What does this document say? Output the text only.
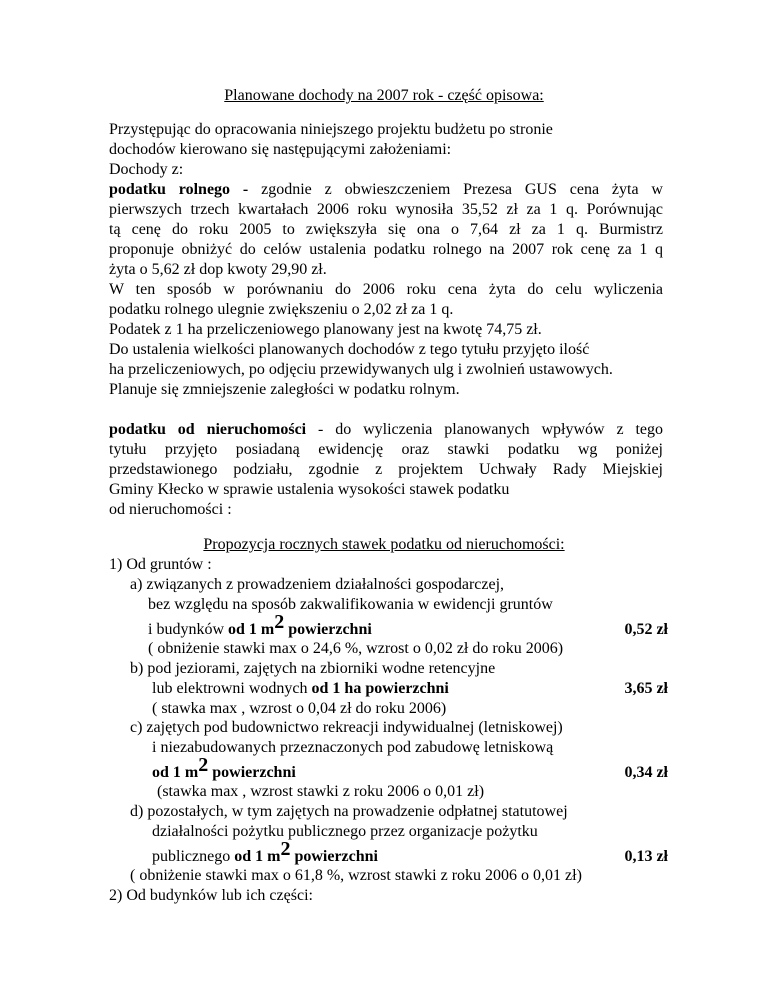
Planowane dochody na 2007 rok - część opisowa:
Przystępując do opracowania niniejszego projektu budżetu po stronie
dochodów kierowano się następującymi założeniami:
Dochody z:
podatku rolnego - zgodnie z obwieszczeniem Prezesa GUS cena żyta w
pierwszych trzech kwartałach 2006 roku wynosiła 35,52 zł za 1 q. Porównując
tą cenę do roku 2005 to zwiększyła się ona o 7,64 zł za 1 q. Burmistrz
proponuje obniżyć do celów ustalenia podatku rolnego na 2007 rok cenę za 1 q
żyta o 5,62 zł dop kwoty 29,90 zł.
W ten sposób w porównaniu do 2006 roku cena żyta do celu wyliczenia
podatku rolnego ulegnie zwiększeniu o 2,02 zł za 1 q.
Podatek z 1 ha przeliczeniowego planowany jest na kwotę 74,75 zł.
Do ustalenia wielkości planowanych dochodów z tego tytułu przyjęto ilość
ha przeliczeniowych, po odjęciu przewidywanych ulg i zwolnień ustawowych.
Planuje się zmniejszenie zaległości w podatku rolnym.
podatku od nieruchomości - do wyliczenia planowanych wpływów z tego
tytułu przyjęto posiadaną ewidencję oraz stawki podatku wg poniżej
przedstawionego podziału, zgodnie z projektem Uchwały Rady Miejskiej
Gminy Kłecko w sprawie ustalenia wysokości stawek podatku
od nieruchomości :
Propozycja rocznych stawek podatku od nieruchomości:
1) Od gruntów :
a) związanych z prowadzeniem działalności gospodarczej,
bez względu na sposób zakwalifikowania w ewidencji gruntów
i budynków od 1 $m^2$ powierzchni	0,52 zł
( obniżenie stawki max o 24,6 %, wzrost o 0,02 zł do roku 2006)
b) pod jeziorami, zajętych na zbiorniki wodne retencyjne
lub elektrowni wodnych od 1 ha powierzchni	3,65 zł
( stawka max , wzrost o 0,04 zł do roku 2006)
c) zajętych pod budownictwo rekreacji indywidualnej (letniskowej)
i niezabudowanych przeznaczonych pod zabudowę letniskową
od 1 $m^2$ powierzchni	0,34 zł
(stawka max , wzrost stawki z roku 2006 o 0,01 zł)
d) pozostałych, w tym zajętych na prowadzenie odpłatnej statutowej
działalności pożytku publicznego przez organizacje pożytku
publicznego od 1 $m^2$ powierzchni	0,13 zł
( obniżenie stawki max o 61,8 %, wzrost stawki z roku 2006 o 0,01 zł)
2) Od budynków lub ich części:
